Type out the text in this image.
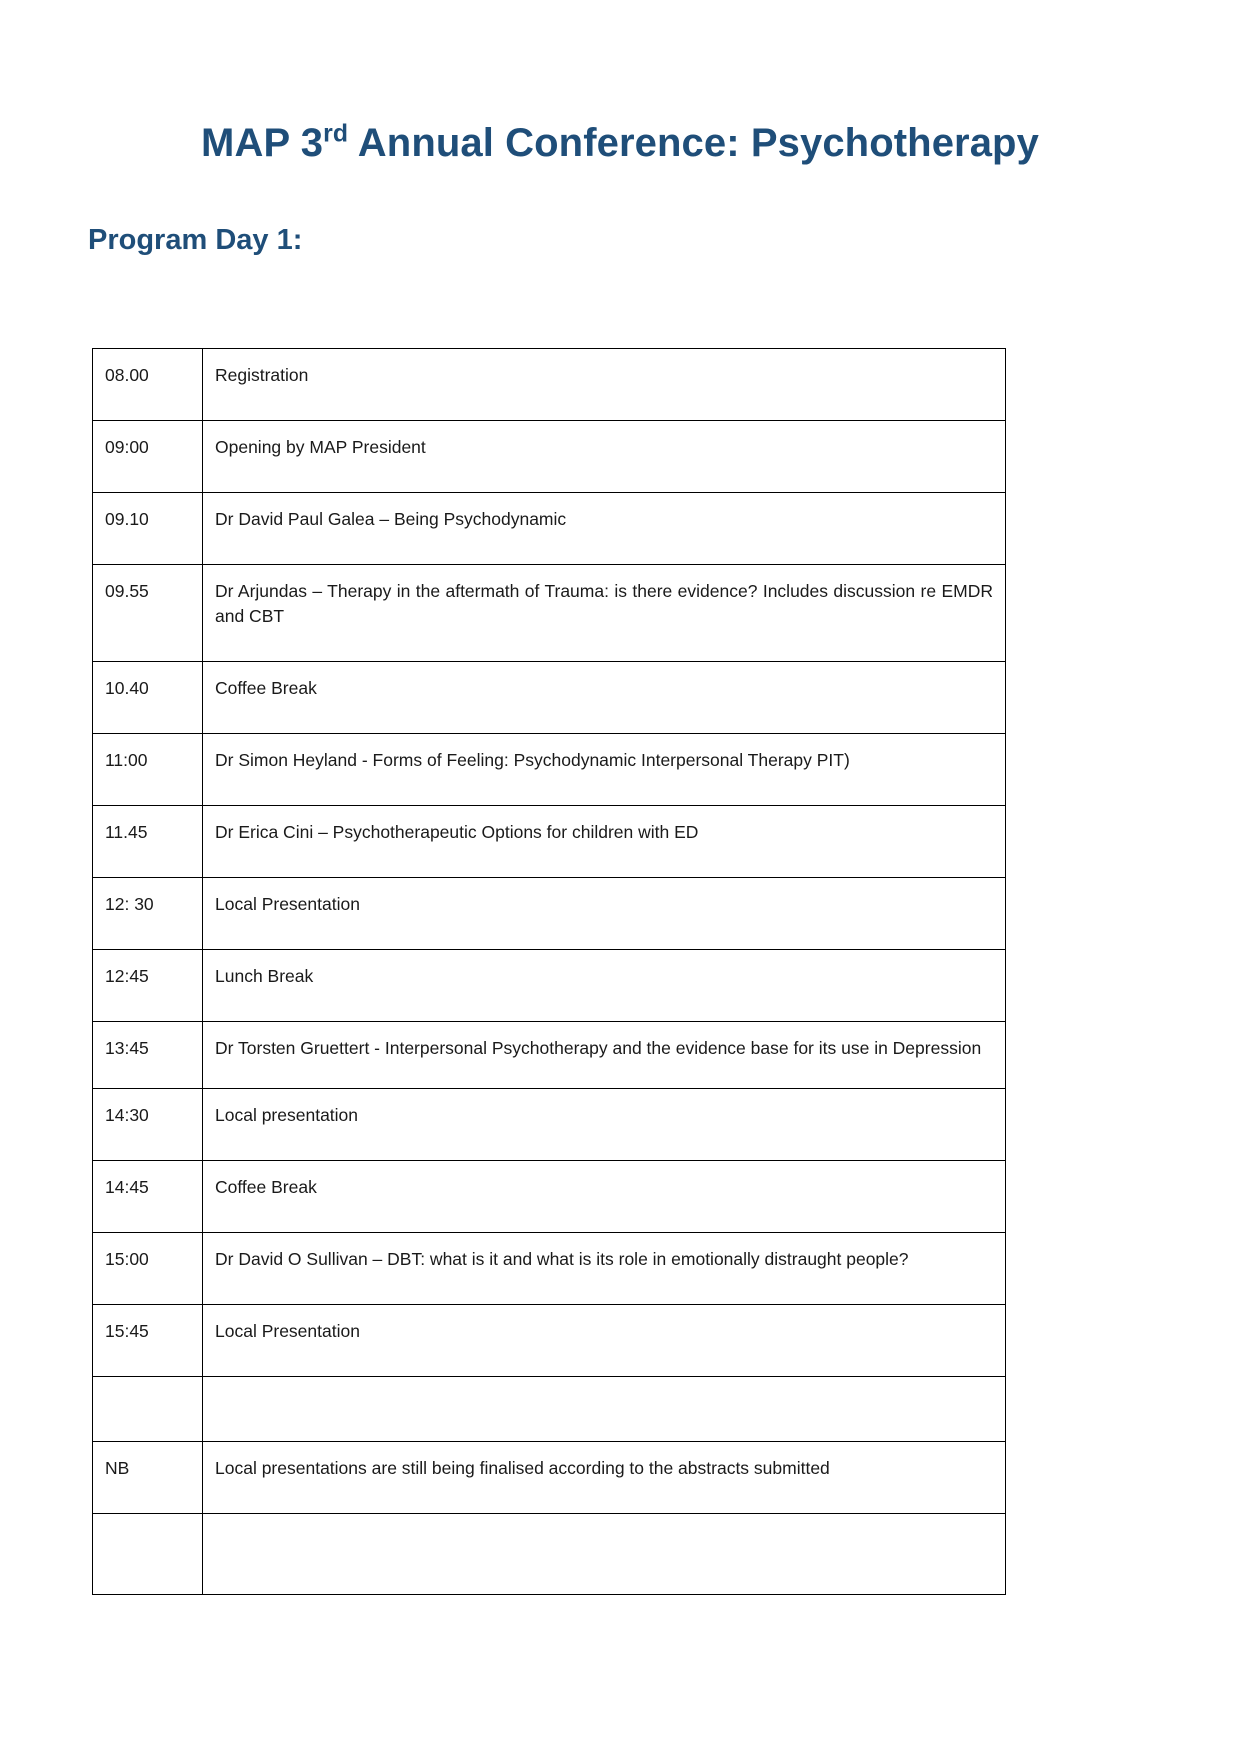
MAP 3rd Annual Conference: Psychotherapy
Program Day 1:
08.00	Registration
09:00	Opening by MAP President
09.10	Dr David Paul Galea – Being Psychodynamic
09.55	Dr Arjundas – Therapy in the aftermath of Trauma: is there evidence? Includes discussion re EMDR and CBT
10.40	Coffee Break
11:00	Dr Simon Heyland - Forms of Feeling: Psychodynamic Interpersonal Therapy PIT)
11.45	Dr Erica Cini – Psychotherapeutic Options for children with ED
12: 30	Local Presentation
12:45	Lunch Break
13:45	Dr Torsten Gruettert - Interpersonal Psychotherapy and the evidence base for its use in Depression
14:30	Local presentation
14:45	Coffee Break
15:00	Dr David O Sullivan – DBT: what is it and what is its role in emotionally distraught people?
15:45	Local Presentation

NB	Local presentations are still being finalised according to the abstracts submitted
